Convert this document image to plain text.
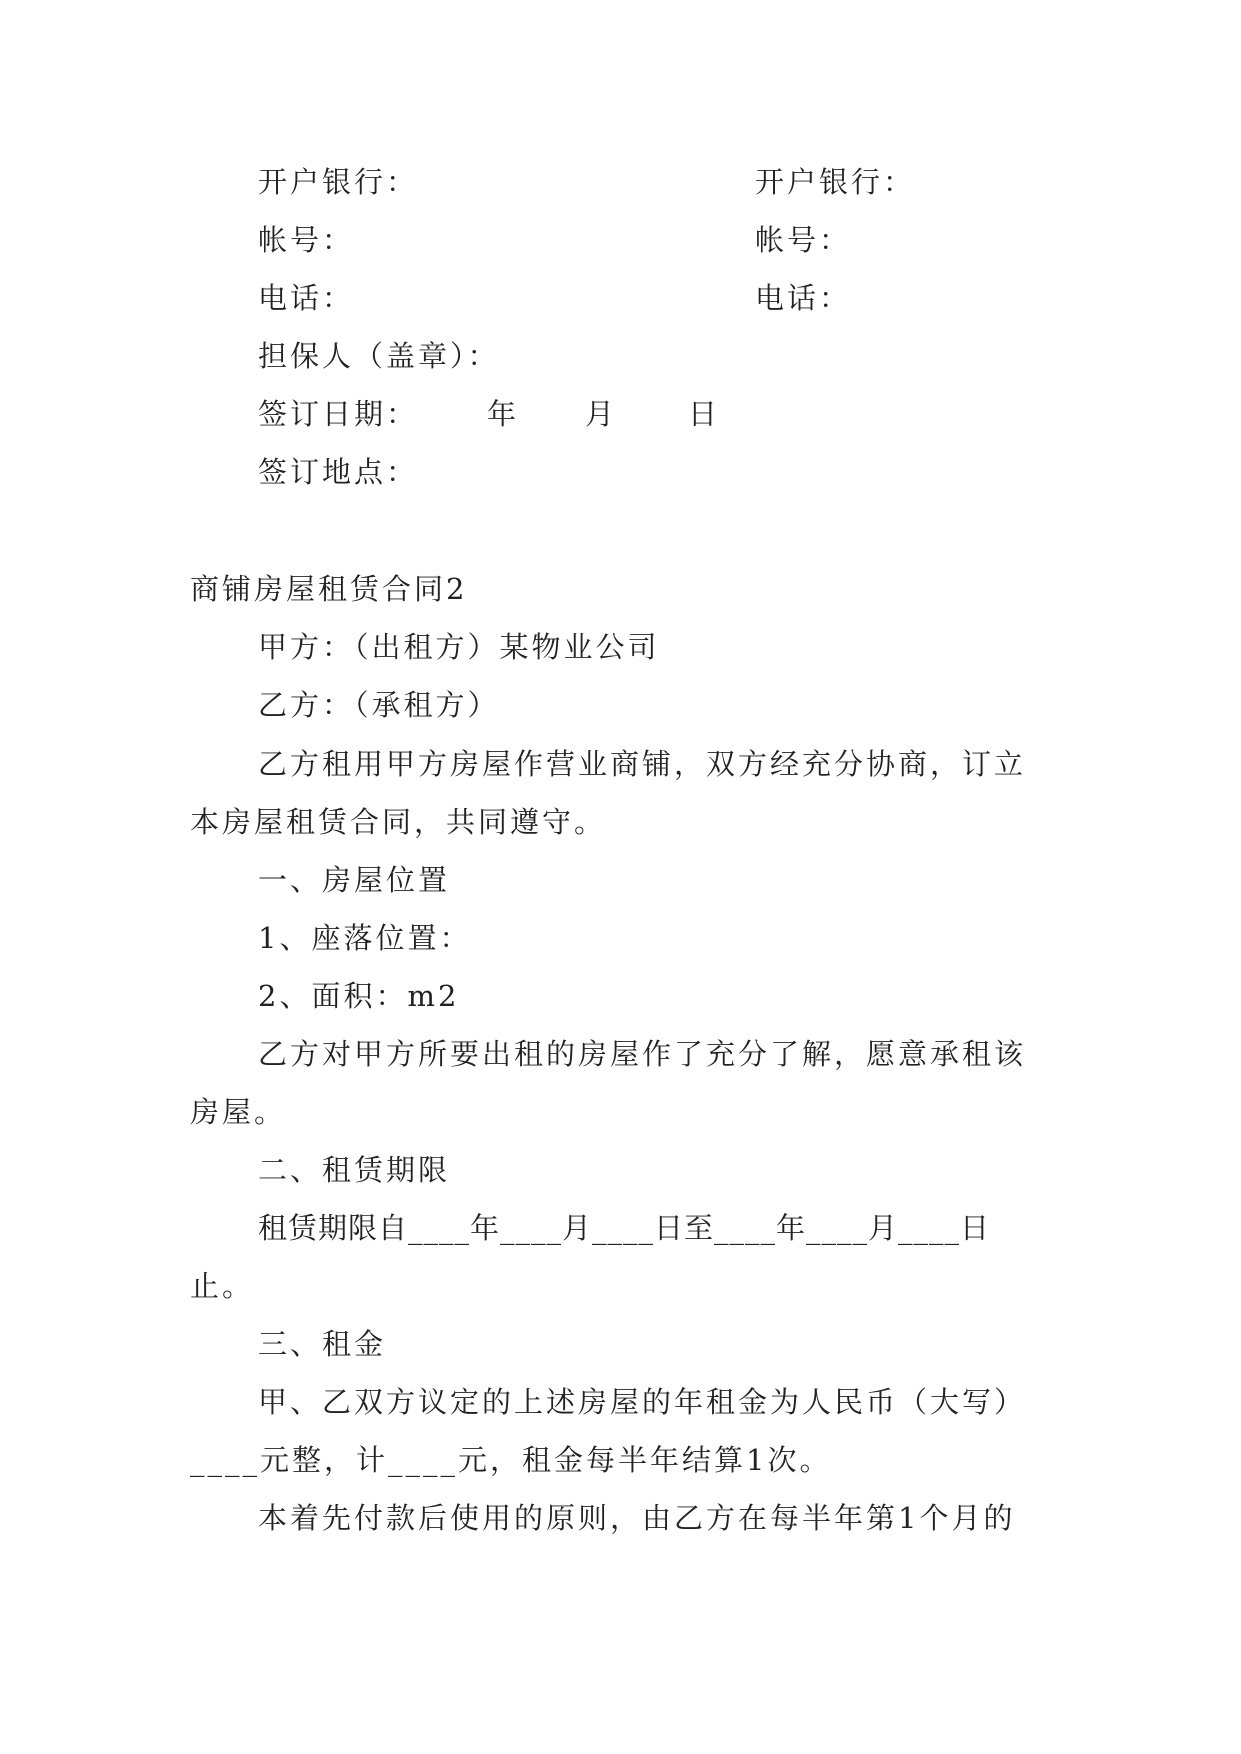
开户银行：	开户银行：
帐号：	帐号：
电话：	电话：
担保人（盖章）：
签订日期： 年 月 日
签订地点：
商铺房屋租赁合同2
甲方：（出租方）某物业公司
乙方：（承租方）
乙方租用甲方房屋作营业商铺，双方经充分协商，订立
本房屋租赁合同，共同遵守。
一、房屋位置
1、座落位置：
2、面积：m2
乙方对甲方所要出租的房屋作了充分了解，愿意承租该
房屋。
二、租赁期限
租赁期限自____年____月____日至____年____月____日
止。
三、租金
甲、乙双方议定的上述房屋的年租金为人民币（大写）
____元整，计____元，租金每半年结算1次。
本着先付款后使用的原则，由乙方在每半年第1个月的
